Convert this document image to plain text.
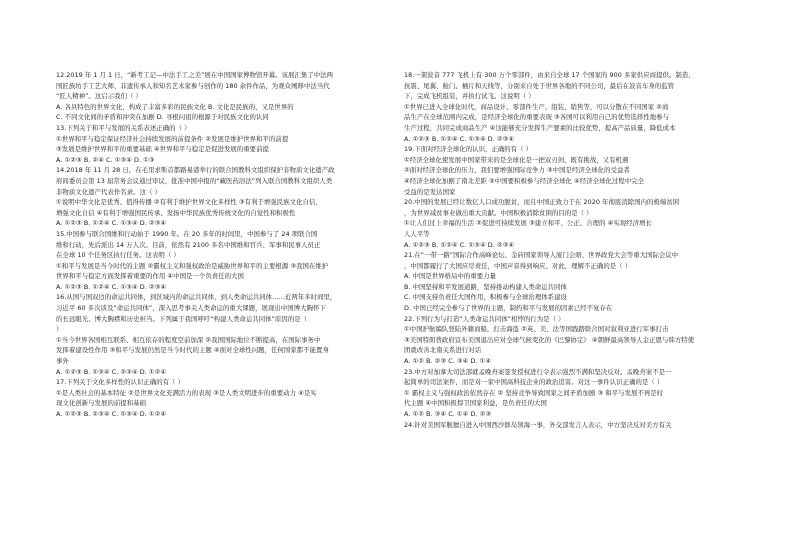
12.2019 年 1 月 1 日，“新考工记—中法手工之美”展在中国国家博物馆开幕。该展汇集了中法两
国匠族坊手工艺大师、非遗传承人和知名艺术家参与创作的 180 余件作品，为观众阐释中法当代
“匠人精神”。这启示我们（ ）
A. 各具特色的世界文化，构成了丰富多彩的民族文化 B. 文化是民族的，又是世界的
C. 不同文化间的矛盾和冲突在加剧 D. 寻根问祖的根源于对民族文化的认同
13.下列关于和平与发展的关系表述正确的（ ）
①世界和平与稳定保证经济社会持续发展的前提条件 ②发展是维护世界和平的前提
③发展是维护世界和平的重要基础 ④世界和平与稳定是促进发展的重要前提
A. ①②③ B. ②④ C. ①③④ D. ①③
14.2018 年 11 月 28 日，在毛里求斯首都路易港举行的联合国教科文组织保护非物质文化遗产政
府间委员会第 13 届常务会议通过审议，批准中国申报的“藏医药浴法”列入联合国教科文组织人类
非物质文化遗产代表作名录。这（ ）
①说明中华文化是优秀、值得传播 ②有利于维护世界文化多样性 ③有利于增强民族文化自信，
增强文化自信 ④有利于增强国民传承、发扬中华民族优秀传统文化的自觉性和积极性
A. ①②③ B. ①②④ C. ①③④ D. ②③④
15.中国参与联合国维和行动始于 1990 年。在 20 多年的时间里，中国参与了 24 项联合国
维和行动，先后派出 14 万人次。目前，依然有 2100 多名中国维和官兵、军事和民事人员正
在全球 10 个任务区执行任务。这表明（ ）
①和平与发展是当今时代的主题 ②霸权主义和强权政治是威胁世界和平的主要根源 ③我国在维护
世界和平与稳定方面发挥着重要的作用 ④中国是一个负责任的大国
A. ①②③ B. ①②④ C. ①③④ D. ②③④
16.从国与国双边的命运共同体，到区域内的命运共同体，到人类命运共同体……近两年多时间里，
习近平 60 多次谈及“命运共同体”，深入思考事关人类命运的重大课题，展现出中国博大胸怀下
的长远眼光、博大胸襟和历史担当。下列属于我国呼吁“构建人类命运共同体”原因的是（
）
①当今世界各国相互联系、相互依存的程度空前加深 ②我国国际地位不断提高，在国际事务中
发挥着建设性作用 ③和平与发展仍然是当今时代的主题 ④面对全球性问题，任何国家都不能置身
事外
A. ①②③ B. ①③④ C. ②③④ D. ①②④
17.下列关于文化多样性的认识正确的有（ ）
①是人类社会的基本特征 ②是世界文化充满活力的表现 ③是人类文明进步的重要动力 ④是实
现文化创新与发展的前提和基础
A. ①②③ B. ②③④ C. ①③④ D. ①②④
18.一架波音 777 飞机上有 300 万个零部件，由来自全球 17 个国家的 900 多家供应商提供。制造、
抗震、尾翼、舱门、桶片和天线等，分别来自处于世界各地的不同公司，最后在波音车身的监管
下，完成飞机组装，并执行试飞。这说明（ ）
①世界已进入全球化时代，商品设计、零部件生产、组装、销售等，可以分散在不同国家 ②商
品生产在全球范围内完成，是经济全球化的重要表现 ③各国可以利用自己的优势选择性地参与
生产过程，共同完成商品生产 ④这能够充分发挥生产要素的比较优势，提高产品质量，降低成本
A. ①②③ B. ①②④ C. ①③④ D. ②③④
19.下面对经济全球化的认识，正确的有（ ）
①经济全球化使发展中国家带来的是全球化是一把双刃剑，既有挑战，又有机遇
②面对经济全球化的压力，我们要增强国际竞争力 ③中国是经济全球化的受益者
④经济全球化加剧了南北差距 ⑤中国要积极参与经济全球化 ④经济全球化过程中完全
受益的是发达国家
20.中国的发展已经让数亿人口成功脱贫，而且中国正致力于在 2020 年彻底消除国内的极端贫困
，为世界减贫事业做出重大贡献。中国积极消除贫困的目的是（ ）
①让人们过上幸福的生活 ②促进可持续发展 ③建立和平、公正、合理的 ④实现经济增长
人人平等
A. ①②③ B. ①②④ C. ①③④ D. ②③④
21.在“一带一路”国际合作高峰论坛、金砖国家领导人厦门会晤、世界政党大会等重大国际会议中
，中国都履行了大国应尽责任，中国声音得到响应。对此，理解不正确的是（ ）
A. 中国是世界格局中的重要力量
B. 中国坚持和平发展道路，坚持推动构建人类命运共同体
C. 中国支持负责任大国作用，积极参与全球治理体系建设
D. 中国已经完全参与了世界的主题，制约和平与发展的因素已经不复存在
22.下列行为与打造“人类命运共同体”相悖的行为是（ ）
①中国护航编队登陆外籍商船，打击海盗 ②英、美、法等国践踏联合国对叙利亚进行军事打击
③美国特朗普政府宣布美国退出应对全球气候变化的《巴黎协定》 ④朝鲜最高领导人金正恩与韩方特使
团就改善北南关系进行对话
A. ①② B. ②③ C. ③④ D. ①④
23.中方对加拿大司法部就孟晚舟案签发授权进行令表示强烈不满和坚决反对。孟晚舟案不是一
起简单的司法案件，而是对一家中国高科技企业的政治追害。对这一事件认识正确的是（ ）
① 霸权主义与强权政治依然存在 ② 坚持竞争导致国家之间矛盾加剧 ③ 和平与发展不再是时
代主题 ④中国积极捍卫国家利益，是负责任的大国
A. ①② B. ③④ C. ①④ D. ②③
24.针对美国军舰擅自进入中国西沙群岛领海一事，外交部发言人表示，中方坚决反对美方有关
